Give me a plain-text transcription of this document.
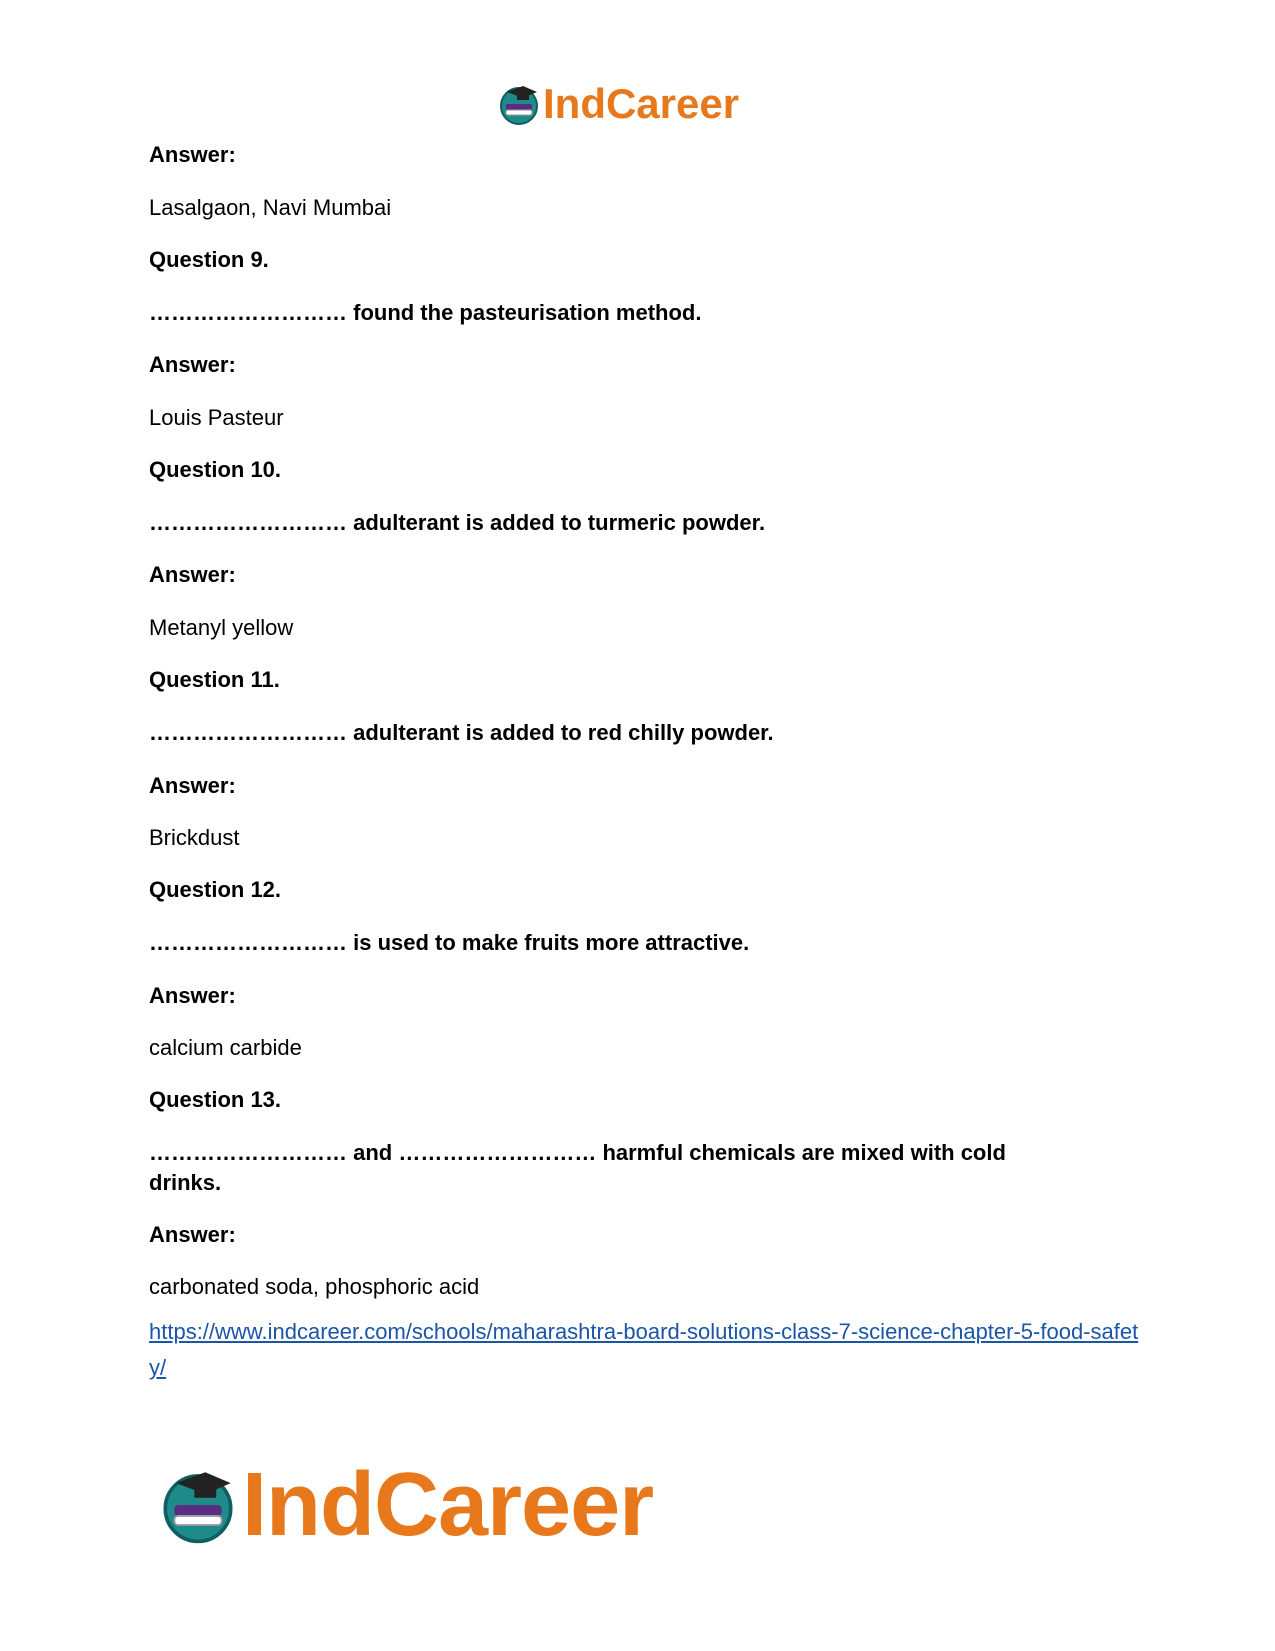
IndCareer
Answer:
Lasalgaon, Navi Mumbai
Question 9.
……………………… found the pasteurisation method.
Answer:
Louis Pasteur
Question 10.
……………………… adulterant is added to turmeric powder.
Answer:
Metanyl yellow
Question 11.
……………………… adulterant is added to red chilly powder.
Answer:
Brickdust
Question 12.
……………………… is used to make fruits more attractive.
Answer:
calcium carbide
Question 13.
……………………… and ……………………… harmful chemicals are mixed with cold drinks.
Answer:
carbonated soda, phosphoric acid
https://www.indcareer.com/schools/maharashtra-board-solutions-class-7-science-chapter-5-food-safety/
IndCareer
